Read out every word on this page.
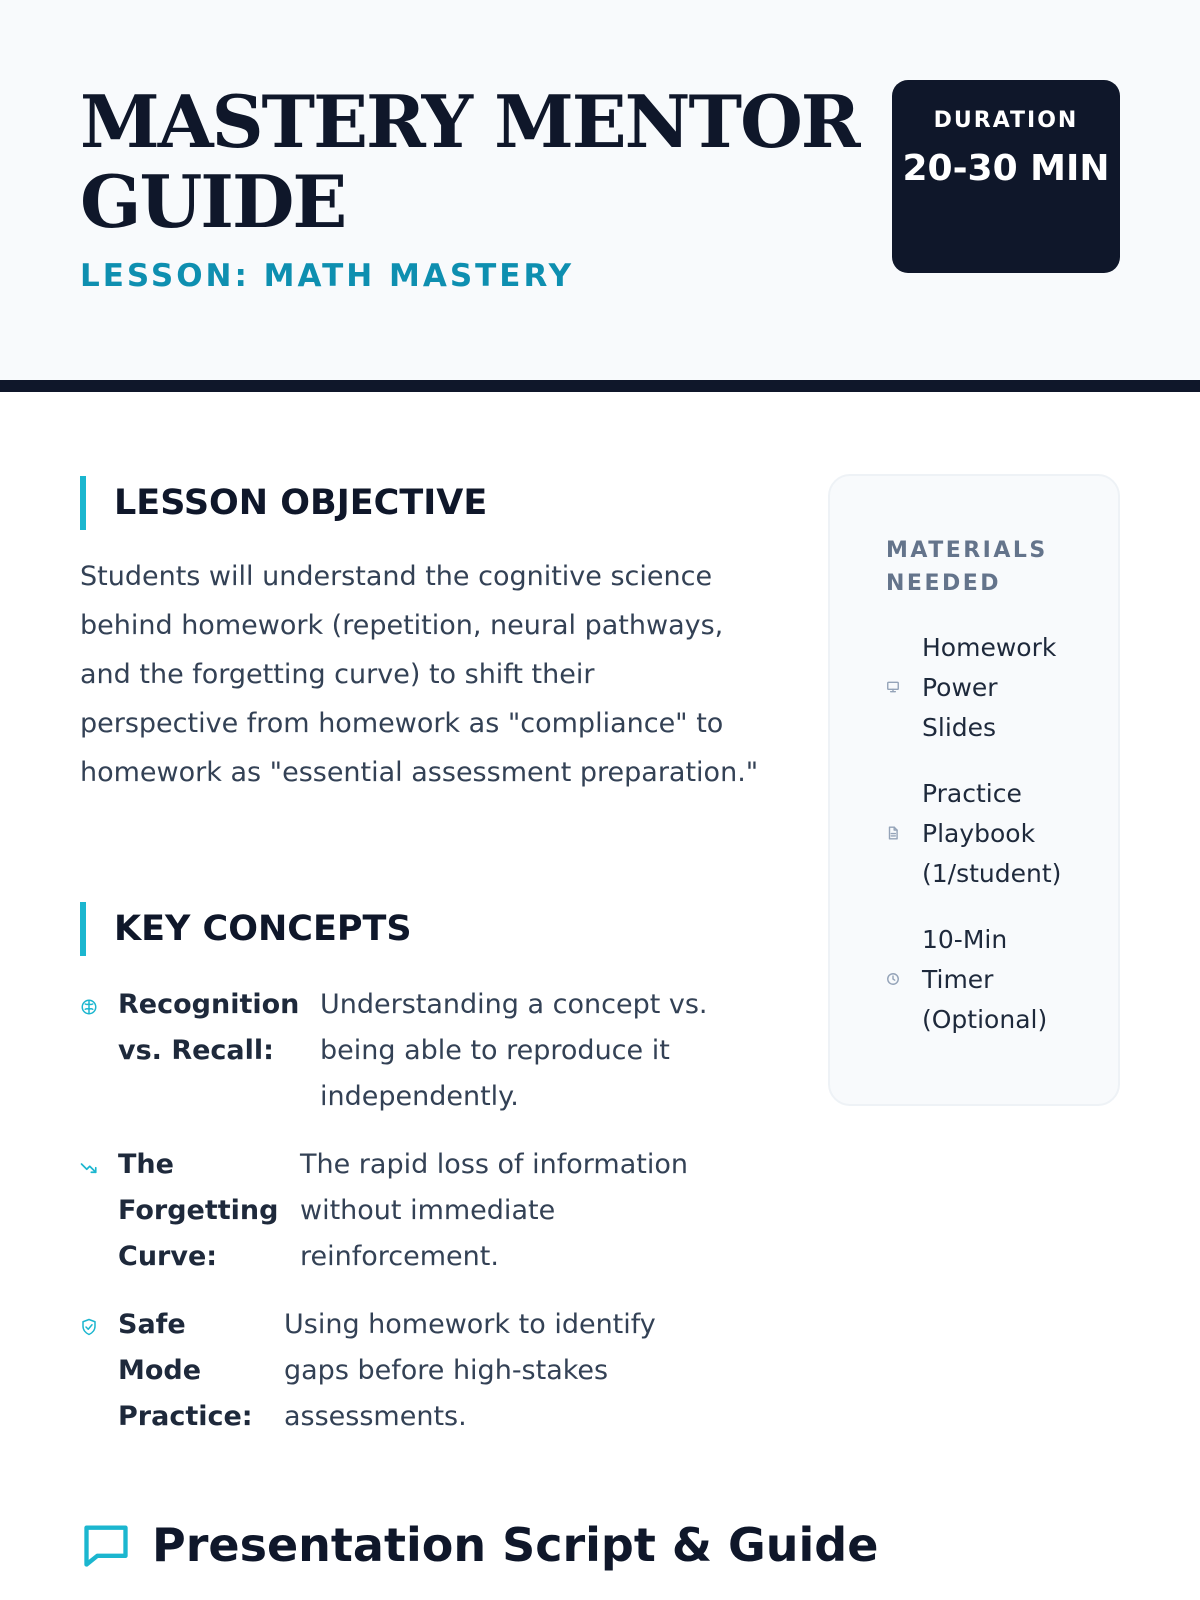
MASTERY MENTOR GUIDE
LESSON: MATH MASTERY
DURATION
20-30 MIN
LESSON OBJECTIVE

Students will understand the cognitive science behind homework (repetition, neural pathways, and the forgetting curve) to shift their perspective from homework as "compliance" to homework as "essential assessment preparation."

KEY CONCEPTS
Recognition vs. Recall:
Understanding a concept vs. being able to reproduce it independently.
The Forgetting Curve:
The rapid loss of information without immediate reinforcement.
Safe Mode Practice:
Using homework to identify gaps before high-stakes assessments.
MATERIALS NEEDED
Homework Power Slides
Practice Playbook (1/student)
10-Min Timer (Optional)
Presentation Script & Guide
